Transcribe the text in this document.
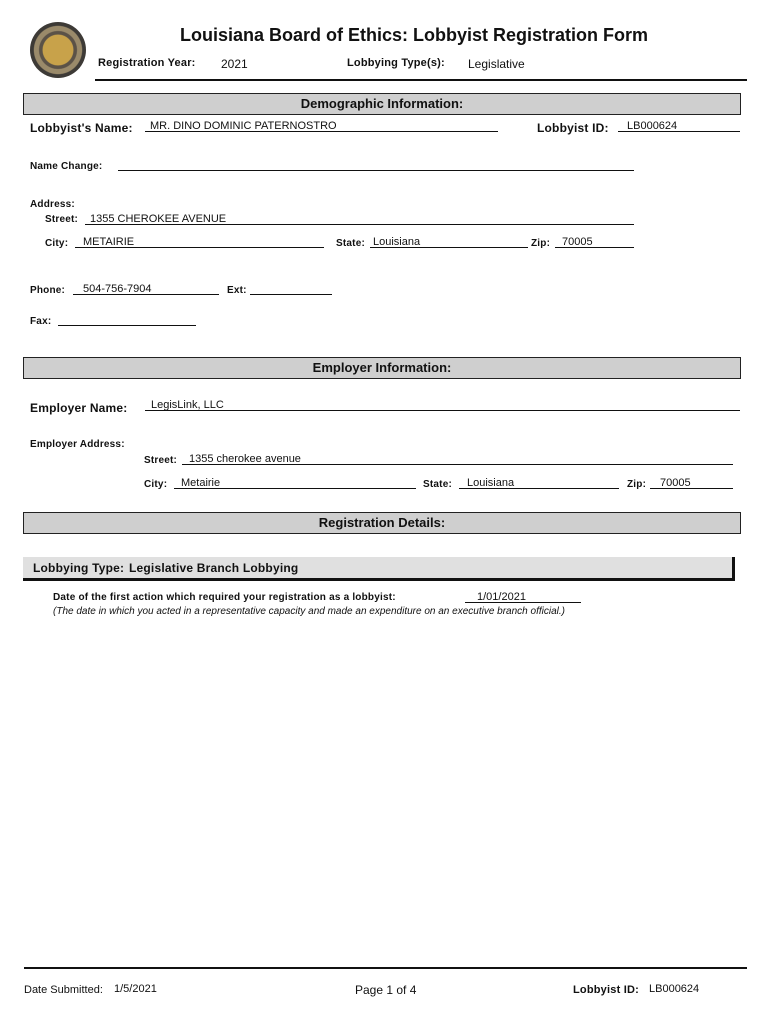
Louisiana Board of Ethics: Lobbyist Registration Form
Registration Year: 2021	Lobbying Type(s): Legislative
Demographic Information:
Lobbyist's Name: MR. DINO DOMINIC PATERNOSTRO	Lobbyist ID: LB000624
Name Change:
Address:
Street: 1355 CHEROKEE AVENUE
City: METAIRIE	State: Louisiana	Zip: 70005
Phone: 504-756-7904	Ext:
Fax:
Employer Information:
Employer Name: LegisLink, LLC
Employer Address:
Street: 1355 cherokee avenue
City: Metairie	State: Louisiana	Zip: 70005
Registration Details:
Lobbying Type: Legislative Branch Lobbying
Date of the first action which required your registration as a lobbyist:	1/01/2021
(The date in which you acted in a representative capacity and made an expenditure on an executive branch official.)
Date Submitted: 1/5/2021	Page 1 of 4	Lobbyist ID: LB000624
